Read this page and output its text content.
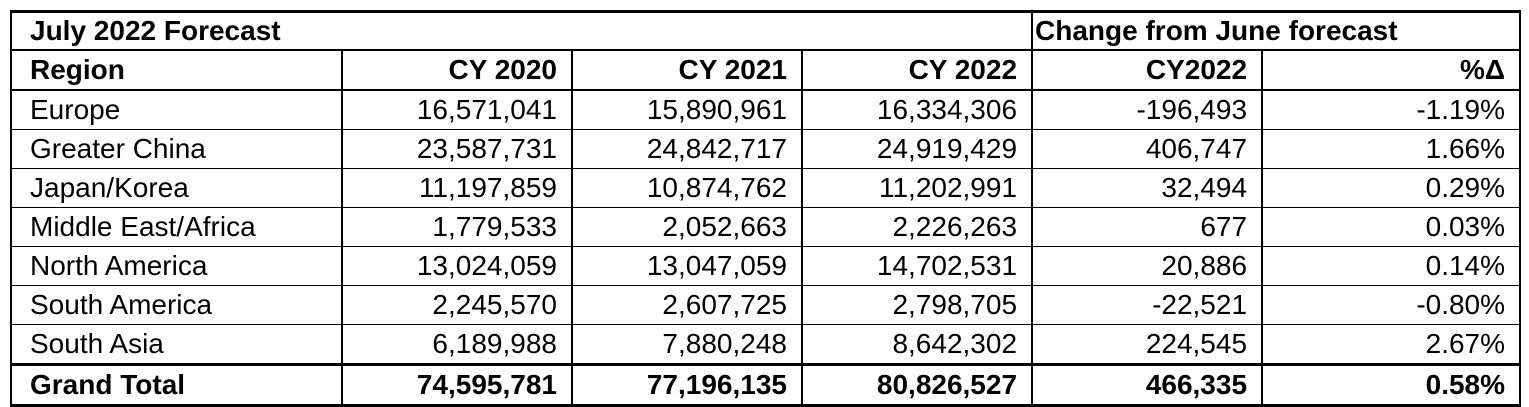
July 2022 Forecast				Change from June forecast	
Region	CY 2020	CY 2021	CY 2022	CY2022	%Δ
Europe	16,571,041	15,890,961	16,334,306	-196,493	-1.19%
Greater China	23,587,731	24,842,717	24,919,429	406,747	1.66%
Japan/Korea	11,197,859	10,874,762	11,202,991	32,494	0.29%
Middle East/Africa	1,779,533	2,052,663	2,226,263	677	0.03%
North America	13,024,059	13,047,059	14,702,531	20,886	0.14%
South America	2,245,570	2,607,725	2,798,705	-22,521	-0.80%
South Asia	6,189,988	7,880,248	8,642,302	224,545	2.67%
Grand Total	74,595,781	77,196,135	80,826,527	466,335	0.58%
